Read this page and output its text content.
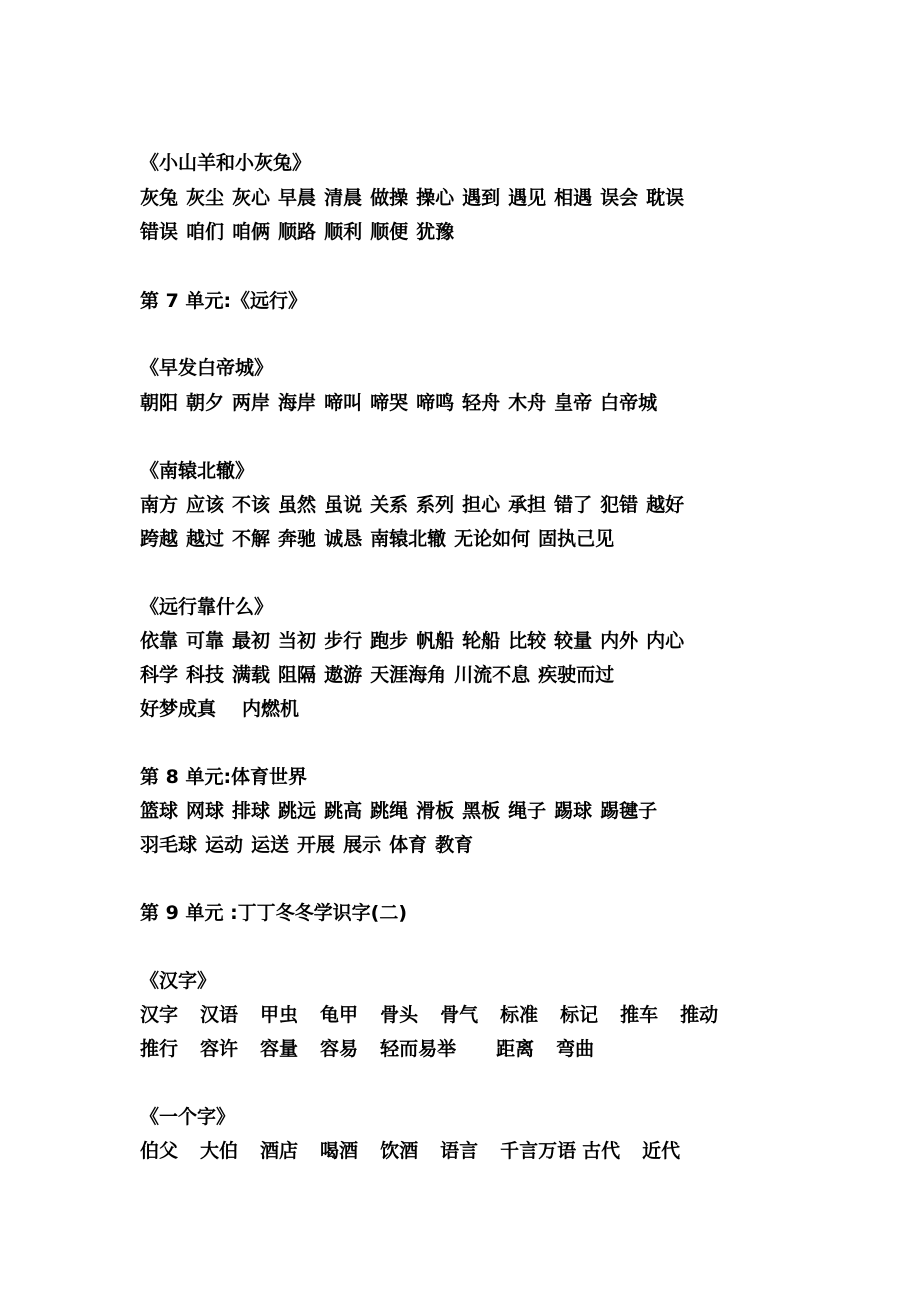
《小山羊和小灰兔》
灰兔 灰尘 灰心 早晨 清晨 做操 操心 遇到 遇见 相遇 误会 耽误
错误 咱们 咱俩 顺路 顺利 顺便 犹豫
第 7 单元:《远行》
《早发白帝城》
朝阳 朝夕 两岸 海岸 啼叫 啼哭 啼鸣 轻舟 木舟 皇帝 白帝城
《南辕北辙》
南方 应该 不该 虽然 虽说 关系 系列 担心 承担 错了 犯错 越好
跨越 越过 不解 奔驰 诚恳 南辕北辙 无论如何 固执己见
《远行靠什么》
依靠 可靠 最初 当初 步行 跑步 帆船 轮船 比较 较量 内外 内心
科学 科技 满载 阻隔 遨游 天涯海角 川流不息 疾驶而过
好梦成真 内燃机
第 8 单元:体育世界
篮球 网球 排球 跳远 跳高 跳绳 滑板 黑板 绳子 踢球 踢毽子
羽毛球 运动 运送 开展 展示 体育 教育
第 9 单元 :丁丁冬冬学识字(二)
《汉字》
汉字 汉语 甲虫 龟甲 骨头 骨气 标准 标记 推车 推动
推行 容许 容量 容易 轻而易举 距离 弯曲
《一个字》
伯父 大伯 酒店 喝酒 饮酒 语言 千言万语 古代 近代
